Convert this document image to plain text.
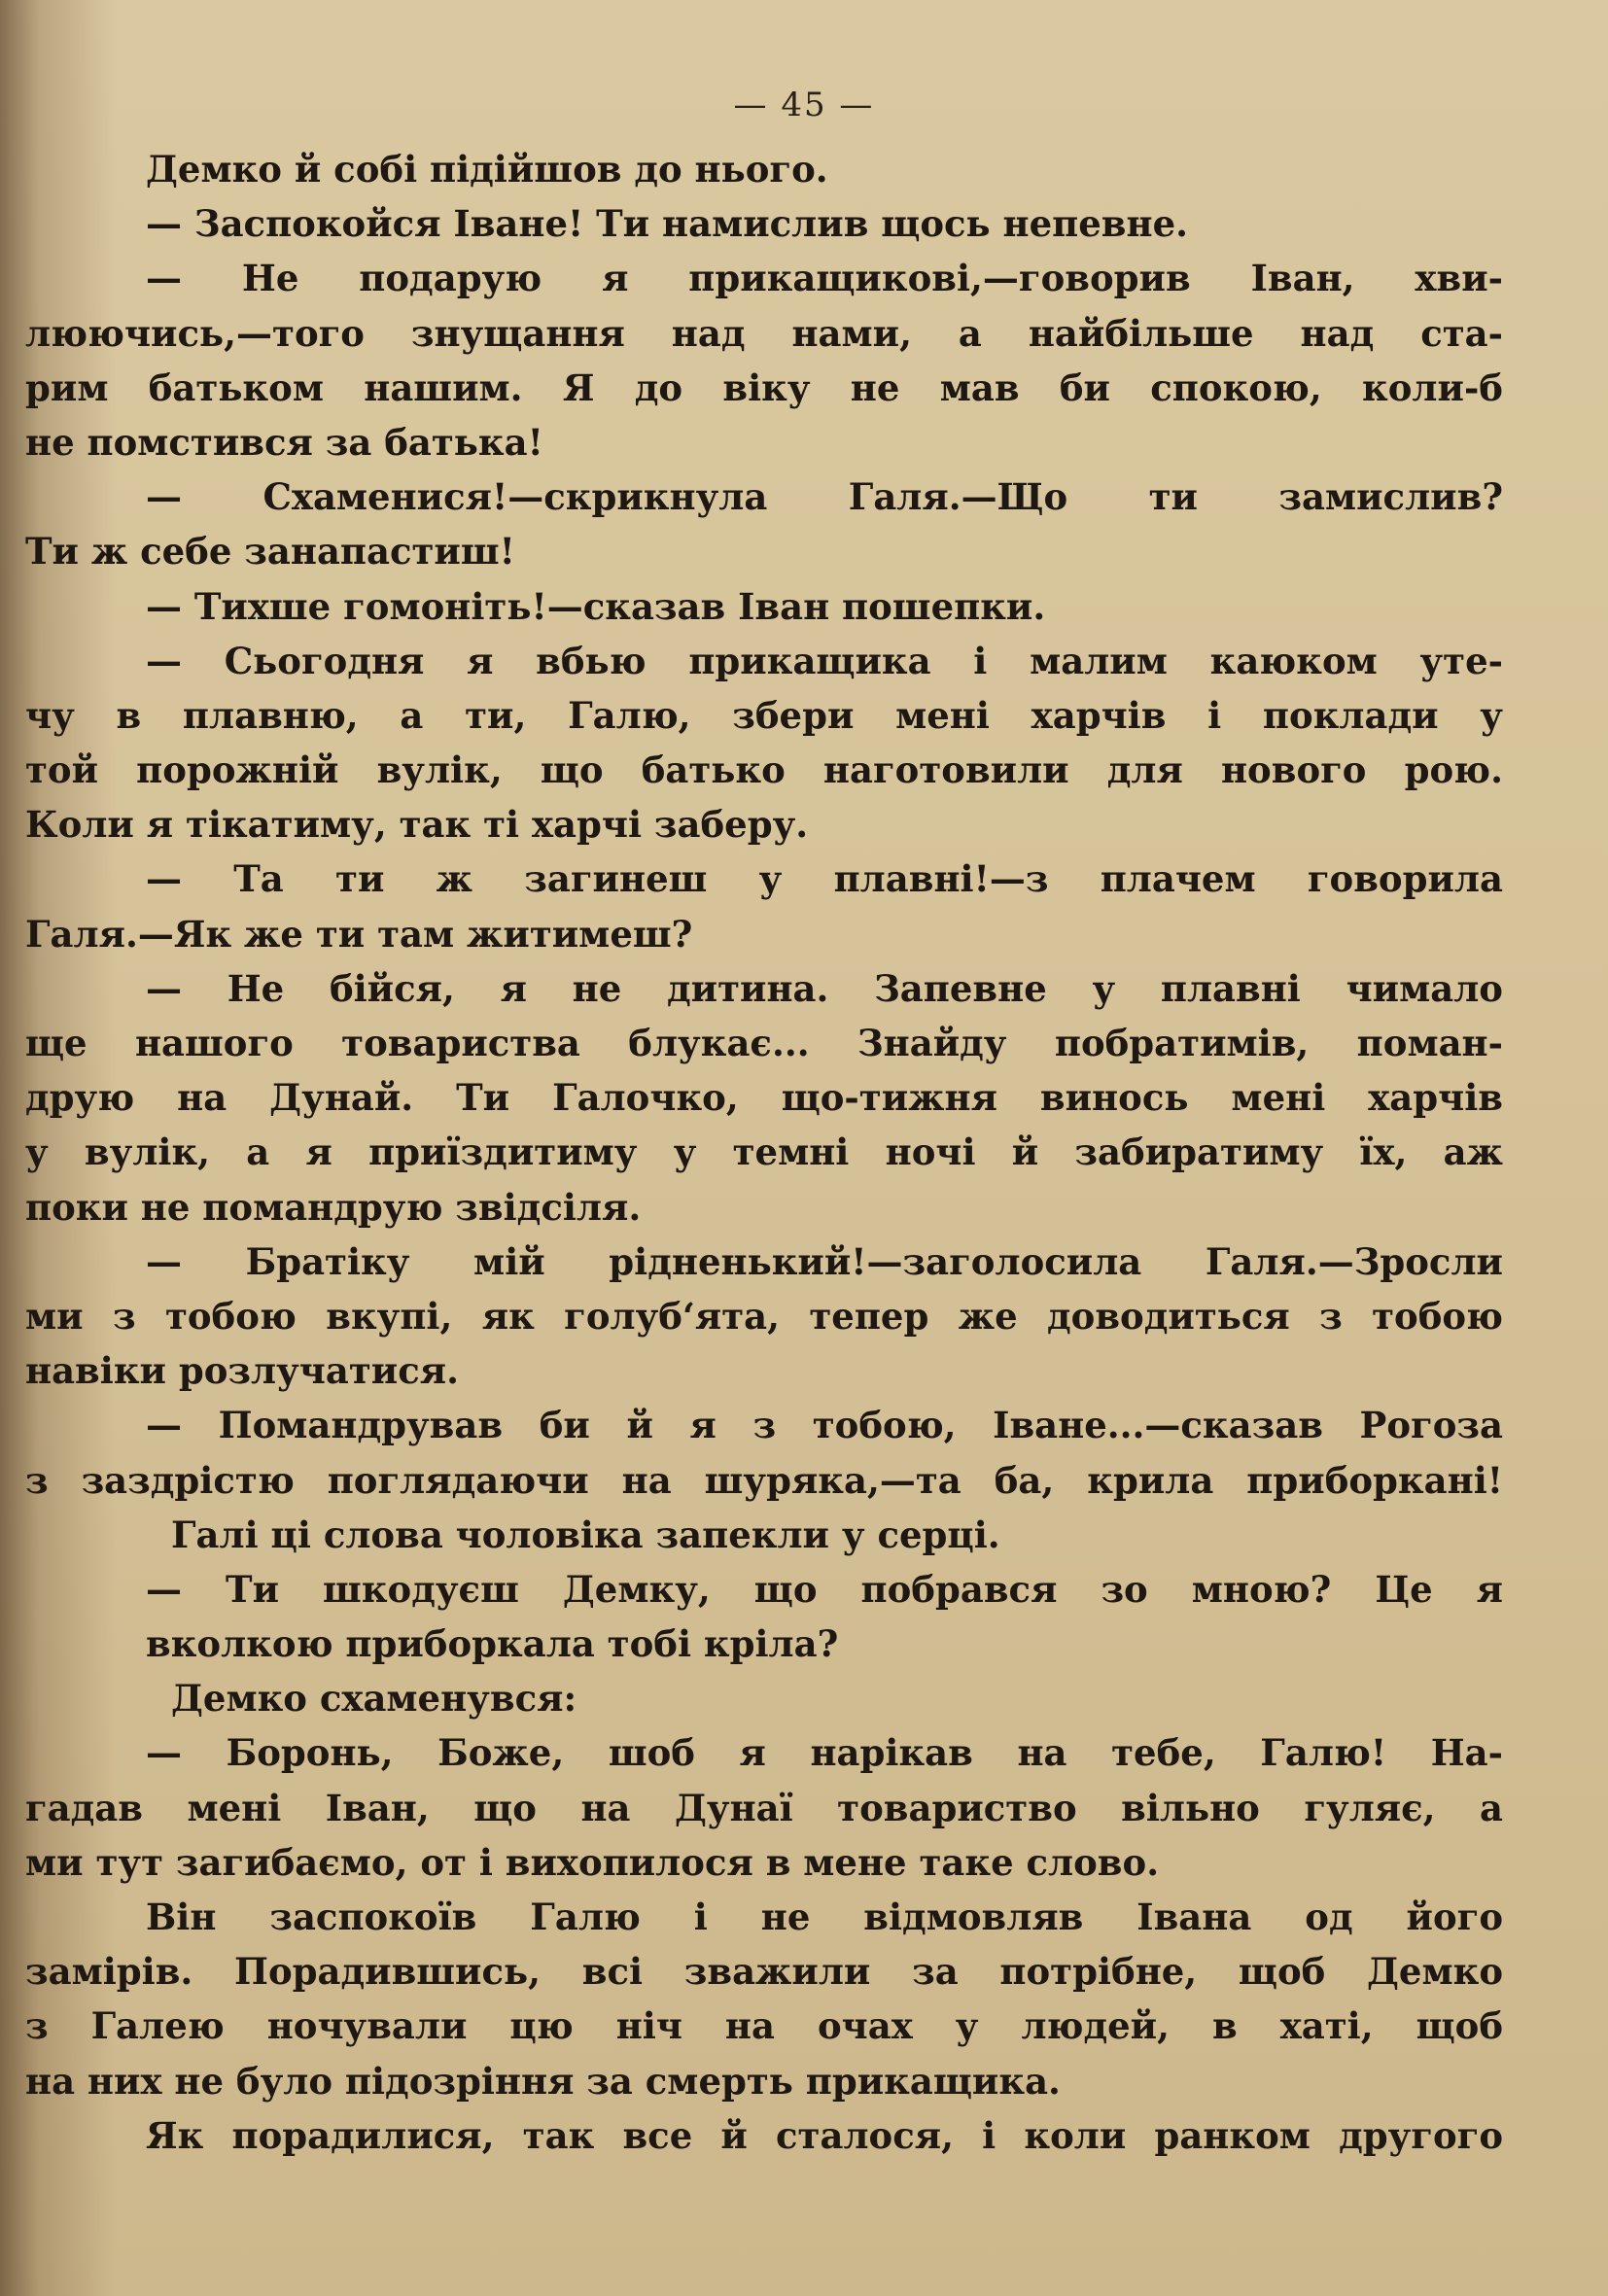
— 45 —
Демко й собі підійшов до нього.
— Заспокойся Іване! Ти намислив щось непевне.
— Не подарую я прикащикові,—говорив Іван, хви-
люючись,—того знущання над нами, а найбільше над ста-
рим батьком нашим. Я до віку не мав би спокою, коли-б
не помстився за батька!
— Схаменися!—скрикнула Галя.—Що ти замислив?
Ти ж себе занапастиш!
— Тихше гомоніть!—сказав Іван пошепки.
— Сьогодня я вбью прикащика і малим каюком уте-
чу в плавню, а ти, Галю, збери мені харчів і поклади у
той порожній вулік, що батько наготовили для нового рою.
Коли я тікатиму, так ті харчі заберу.
— Та ти ж загинеш у плавні!—з плачем говорила
Галя.—Як же ти там житимеш?
— Не бійся, я не дитина. Запевне у плавні чимало
ще нашого товариства блукає... Знайду побратимів, поман-
друю на Дунай. Ти Галочко, що-тижня винось мені харчів
у вулік, а я приїздитиму у темні ночі й забиратиму їх, аж
поки не помандрую звідсіля.
— Братіку мій рідненький!—заголосила Галя.—Зросли
ми з тобою вкупі, як голуб‘ята, тепер же доводиться з тобою
навіки розлучатися.
— Помандрував би й я з тобою, Іване...—сказав Рогоза
з заздрістю поглядаючи на шуряка,—та ба, крила приборкані!
Галі ці слова чоловіка запекли у серці.
— Ти шкодуєш Демку, що побрався зо мною? Це я
вколкою приборкала тобі кріла?
Демко схаменувся:
— Боронь, Боже, шоб я нарікав на тебе, Галю! На-
гадав мені Іван, що на Дунаї товариство вільно гуляє, а
ми тут загибаємо, от і вихопилося в мене таке слово.
Він заспокоїв Галю і не відмовляв Івана од його
замірів. Порадившись, всі зважили за потрібне, щоб Демко
з Галею ночували цю ніч на очах у людей, в хаті, щоб
на них не було підозріння за смерть прикащика.
Як порадилися, так все й сталося, і коли ранком другого
